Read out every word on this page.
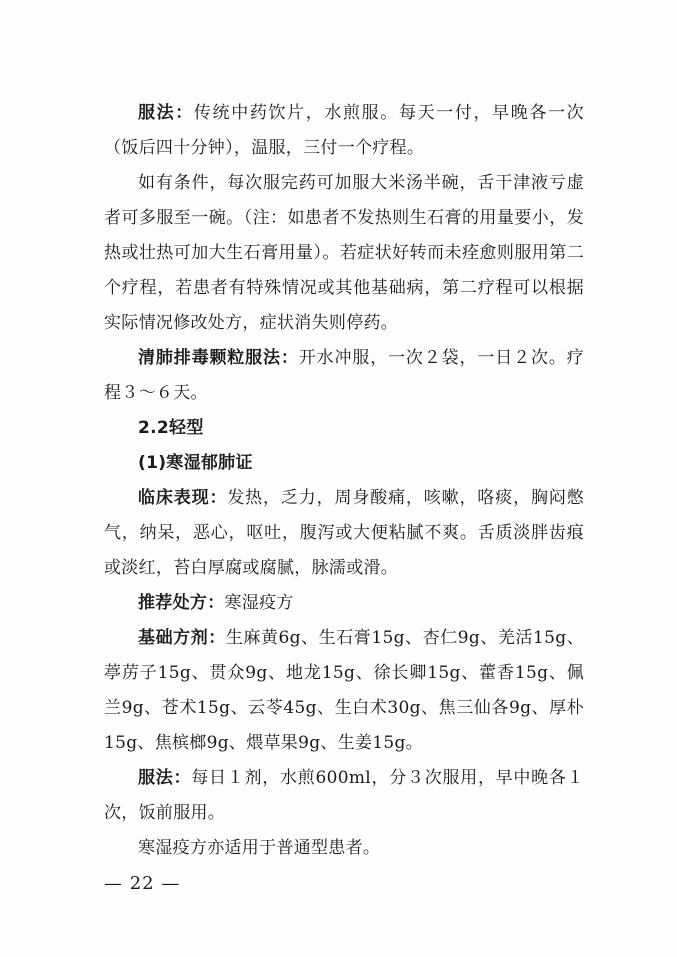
服法：传统中药饮片，水煎服。每天一付，早晚各一次（饭后四十分钟），温服，三付一个疗程。

如有条件，每次服完药可加服大米汤半碗，舌干津液亏虚者可多服至一碗。（注：如患者不发热则生石膏的用量要小，发热或壮热可加大生石膏用量）。若症状好转而未痊愈则服用第二个疗程，若患者有特殊情况或其他基础病，第二疗程可以根据实际情况修改处方，症状消失则停药。

清肺排毒颗粒服法：开水冲服，一次２袋，一日２次。疗程３～６天。

2.2轻型

(1)寒湿郁肺证

临床表现：发热，乏力，周身酸痛，咳嗽，咯痰，胸闷憋气，纳呆，恶心，呕吐，腹泻或大便粘腻不爽。舌质淡胖齿痕或淡红，苔白厚腐或腐腻，脉濡或滑。

推荐处方：寒湿疫方

基础方剂：生麻黄6g、生石膏15g、杏仁9g、羌活15g、葶苈子15g、贯众9g、地龙15g、徐长卿15g、藿香15g、佩兰9g、苍术15g、云苓45g、生白术30g、焦三仙各9g、厚朴15g、焦槟榔9g、煨草果9g、生姜15g。

服法：每日１剂，水煎600ml，分３次服用，早中晚各１次，饭前服用。

寒湿疫方亦适用于普通型患者。

— 22 —
